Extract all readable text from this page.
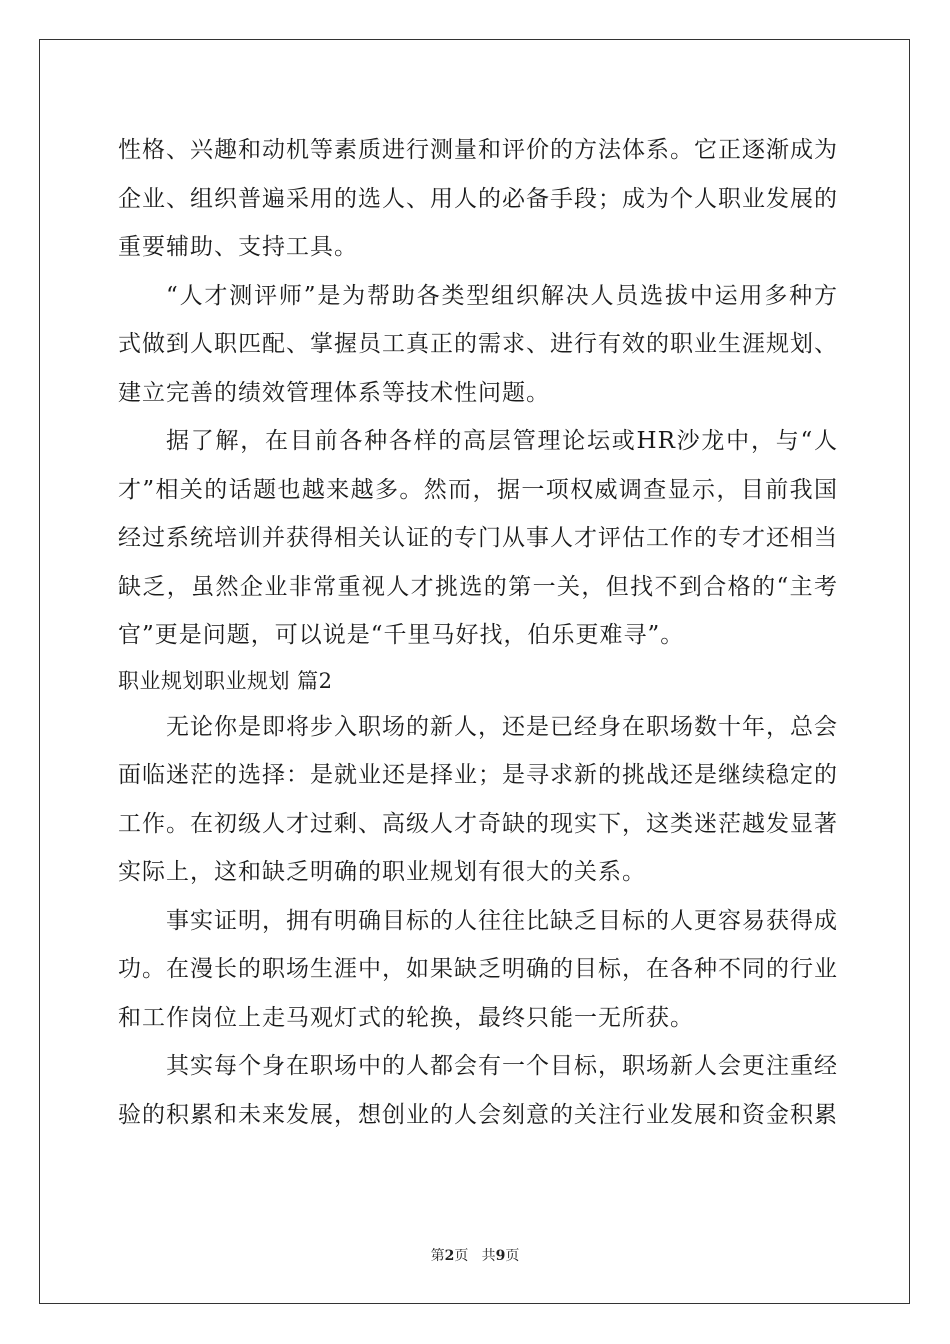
性格、兴趣和动机等素质进行测量和评价的方法体系。它正逐渐成为企业、组织普遍采用的选人、用人的必备手段；成为个人职业发展的重要辅助、支持工具。

“人才测评师”是为帮助各类型组织解决人员选拔中运用多种方式做到人职匹配、掌握员工真正的需求、进行有效的职业生涯规划、建立完善的绩效管理体系等技术性问题。

据了解，在目前各种各样的高层管理论坛或HR沙龙中，与“人才”相关的话题也越来越多。然而，据一项权威调查显示，目前我国经过系统培训并获得相关认证的专门从事人才评估工作的专才还相当缺乏，虽然企业非常重视人才挑选的第一关，但找不到合格的“主考官”更是问题，可以说是“千里马好找，伯乐更难寻”。

职业规划职业规划 篇2

无论你是即将步入职场的新人，还是已经身在职场数十年，总会面临迷茫的选择：是就业还是择业；是寻求新的挑战还是继续稳定的工作。在初级人才过剩、高级人才奇缺的现实下，这类迷茫越发显著实际上，这和缺乏明确的职业规划有很大的关系。

事实证明，拥有明确目标的人往往比缺乏目标的人更容易获得成功。在漫长的职场生涯中，如果缺乏明确的目标，在各种不同的行业和工作岗位上走马观灯式的轮换，最终只能一无所获。

其实每个身在职场中的人都会有一个目标，职场新人会更注重经验的积累和未来发展，想创业的人会刻意的关注行业发展和资金积累

第2页 共9页
